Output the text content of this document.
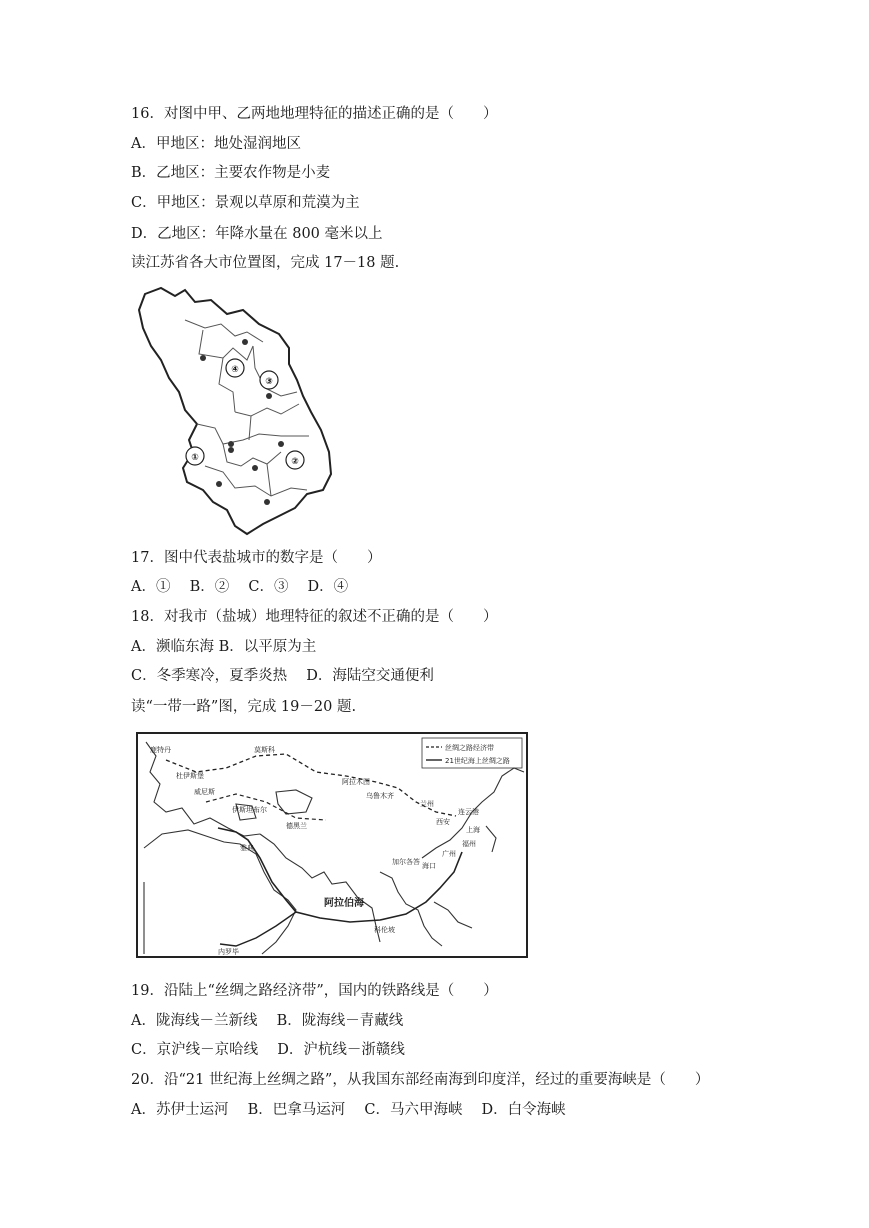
16．对图中甲、乙两地地理特征的描述正确的是（　　）
A．甲地区：地处湿润地区
B．乙地区：主要农作物是小麦
C．甲地区：景观以草原和荒漠为主
D．乙地区：年降水量在 800 毫米以上
读江苏省各大市位置图，完成 17－18 题.
④
③
②
①
17．图中代表盐城市的数字是（　　）
A．①　 B．②　 C．③　 D．④
18．对我市（盐城）地理特征的叙述不正确的是（　　）
A．濒临东海 B．以平原为主
C．冬季寒冷，夏季炎热　 D．海陆空交通便利
读“一带一路”图，完成 19－20 题.
丝绸之路经济带
21世纪海上丝绸之路
鹿特丹	莫斯科
杜伊斯堡
威尼斯
伊斯坦布尔
德黑兰
阿拉木图
乌鲁木齐
兰州
西安
连云港
上海
福州
广州
海口
雅典
科伦坡
加尔各答
内罗毕
阿拉伯海
19．沿陆上“丝绸之路经济带”，国内的铁路线是（　　）
A．陇海线－兰新线　 B．陇海线－青藏线
C．京沪线－京哈线　 D．沪杭线－浙赣线
20．沿“21 世纪海上丝绸之路”，从我国东部经南海到印度洋，经过的重要海峡是（　　）
A．苏伊士运河　 B．巴拿马运河　 C．马六甲海峡　 D．白令海峡
